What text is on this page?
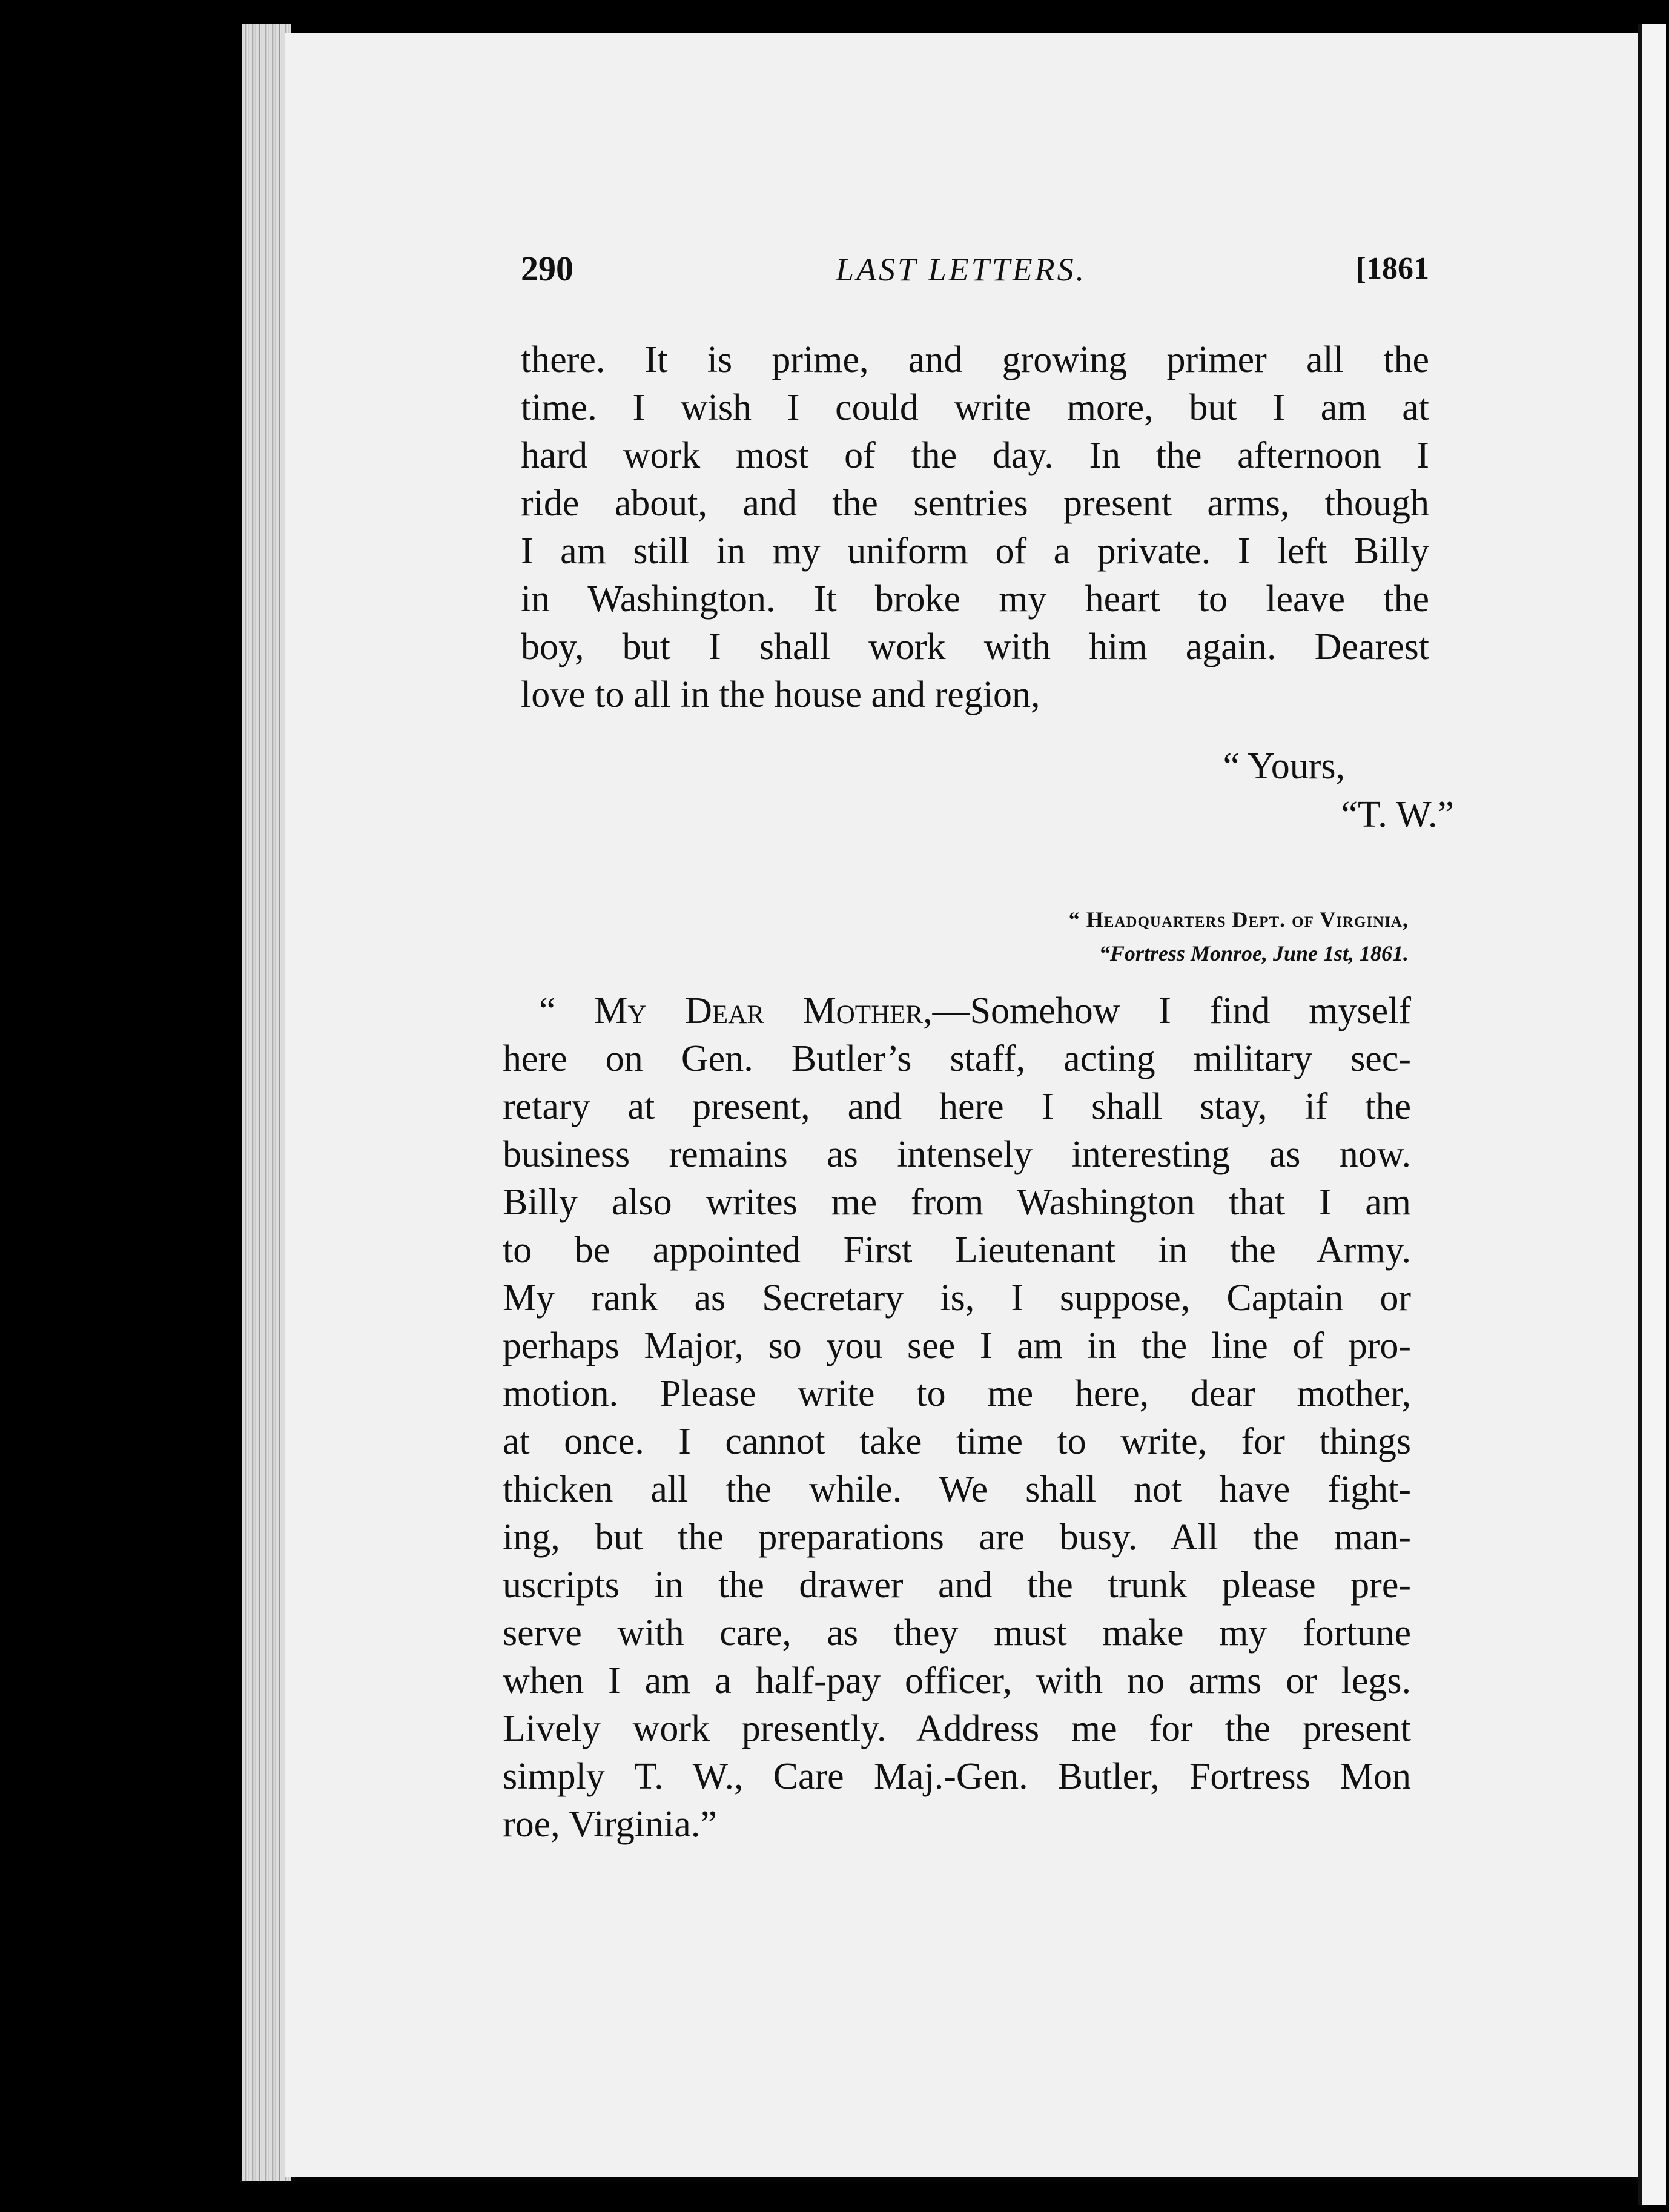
290	LAST LETTERS.	[1861
there. It is prime, and growing primer all the
time. I wish I could write more, but I am at
hard work most of the day. In the afternoon I
ride about, and the sentries present arms, though
I am still in my uniform of a private. I left Billy
in Washington. It broke my heart to leave the
boy, but I shall work with him again. Dearest
love to all in the house and region,
“ Yours,
“T. W.”
“ Headquarters Dept. of Virginia,
“Fortress Monroe, June 1st, 1861.
“ My Dear Mother,—Somehow I find myself
here on Gen. Butler’s staff, acting military sec-
retary at present, and here I shall stay, if the
business remains as intensely interesting as now.
Billy also writes me from Washington that I am
to be appointed First Lieutenant in the Army.
My rank as Secretary is, I suppose, Captain or
perhaps Major, so you see I am in the line of pro-
motion. Please write to me here, dear mother,
at once. I cannot take time to write, for things
thicken all the while. We shall not have fight-
ing, but the preparations are busy. All the man-
uscripts in the drawer and the trunk please pre-
serve with care, as they must make my fortune
when I am a half-pay officer, with no arms or legs.
Lively work presently. Address me for the present
simply T. W., Care Maj.-Gen. Butler, Fortress Mon
roe, Virginia.”
